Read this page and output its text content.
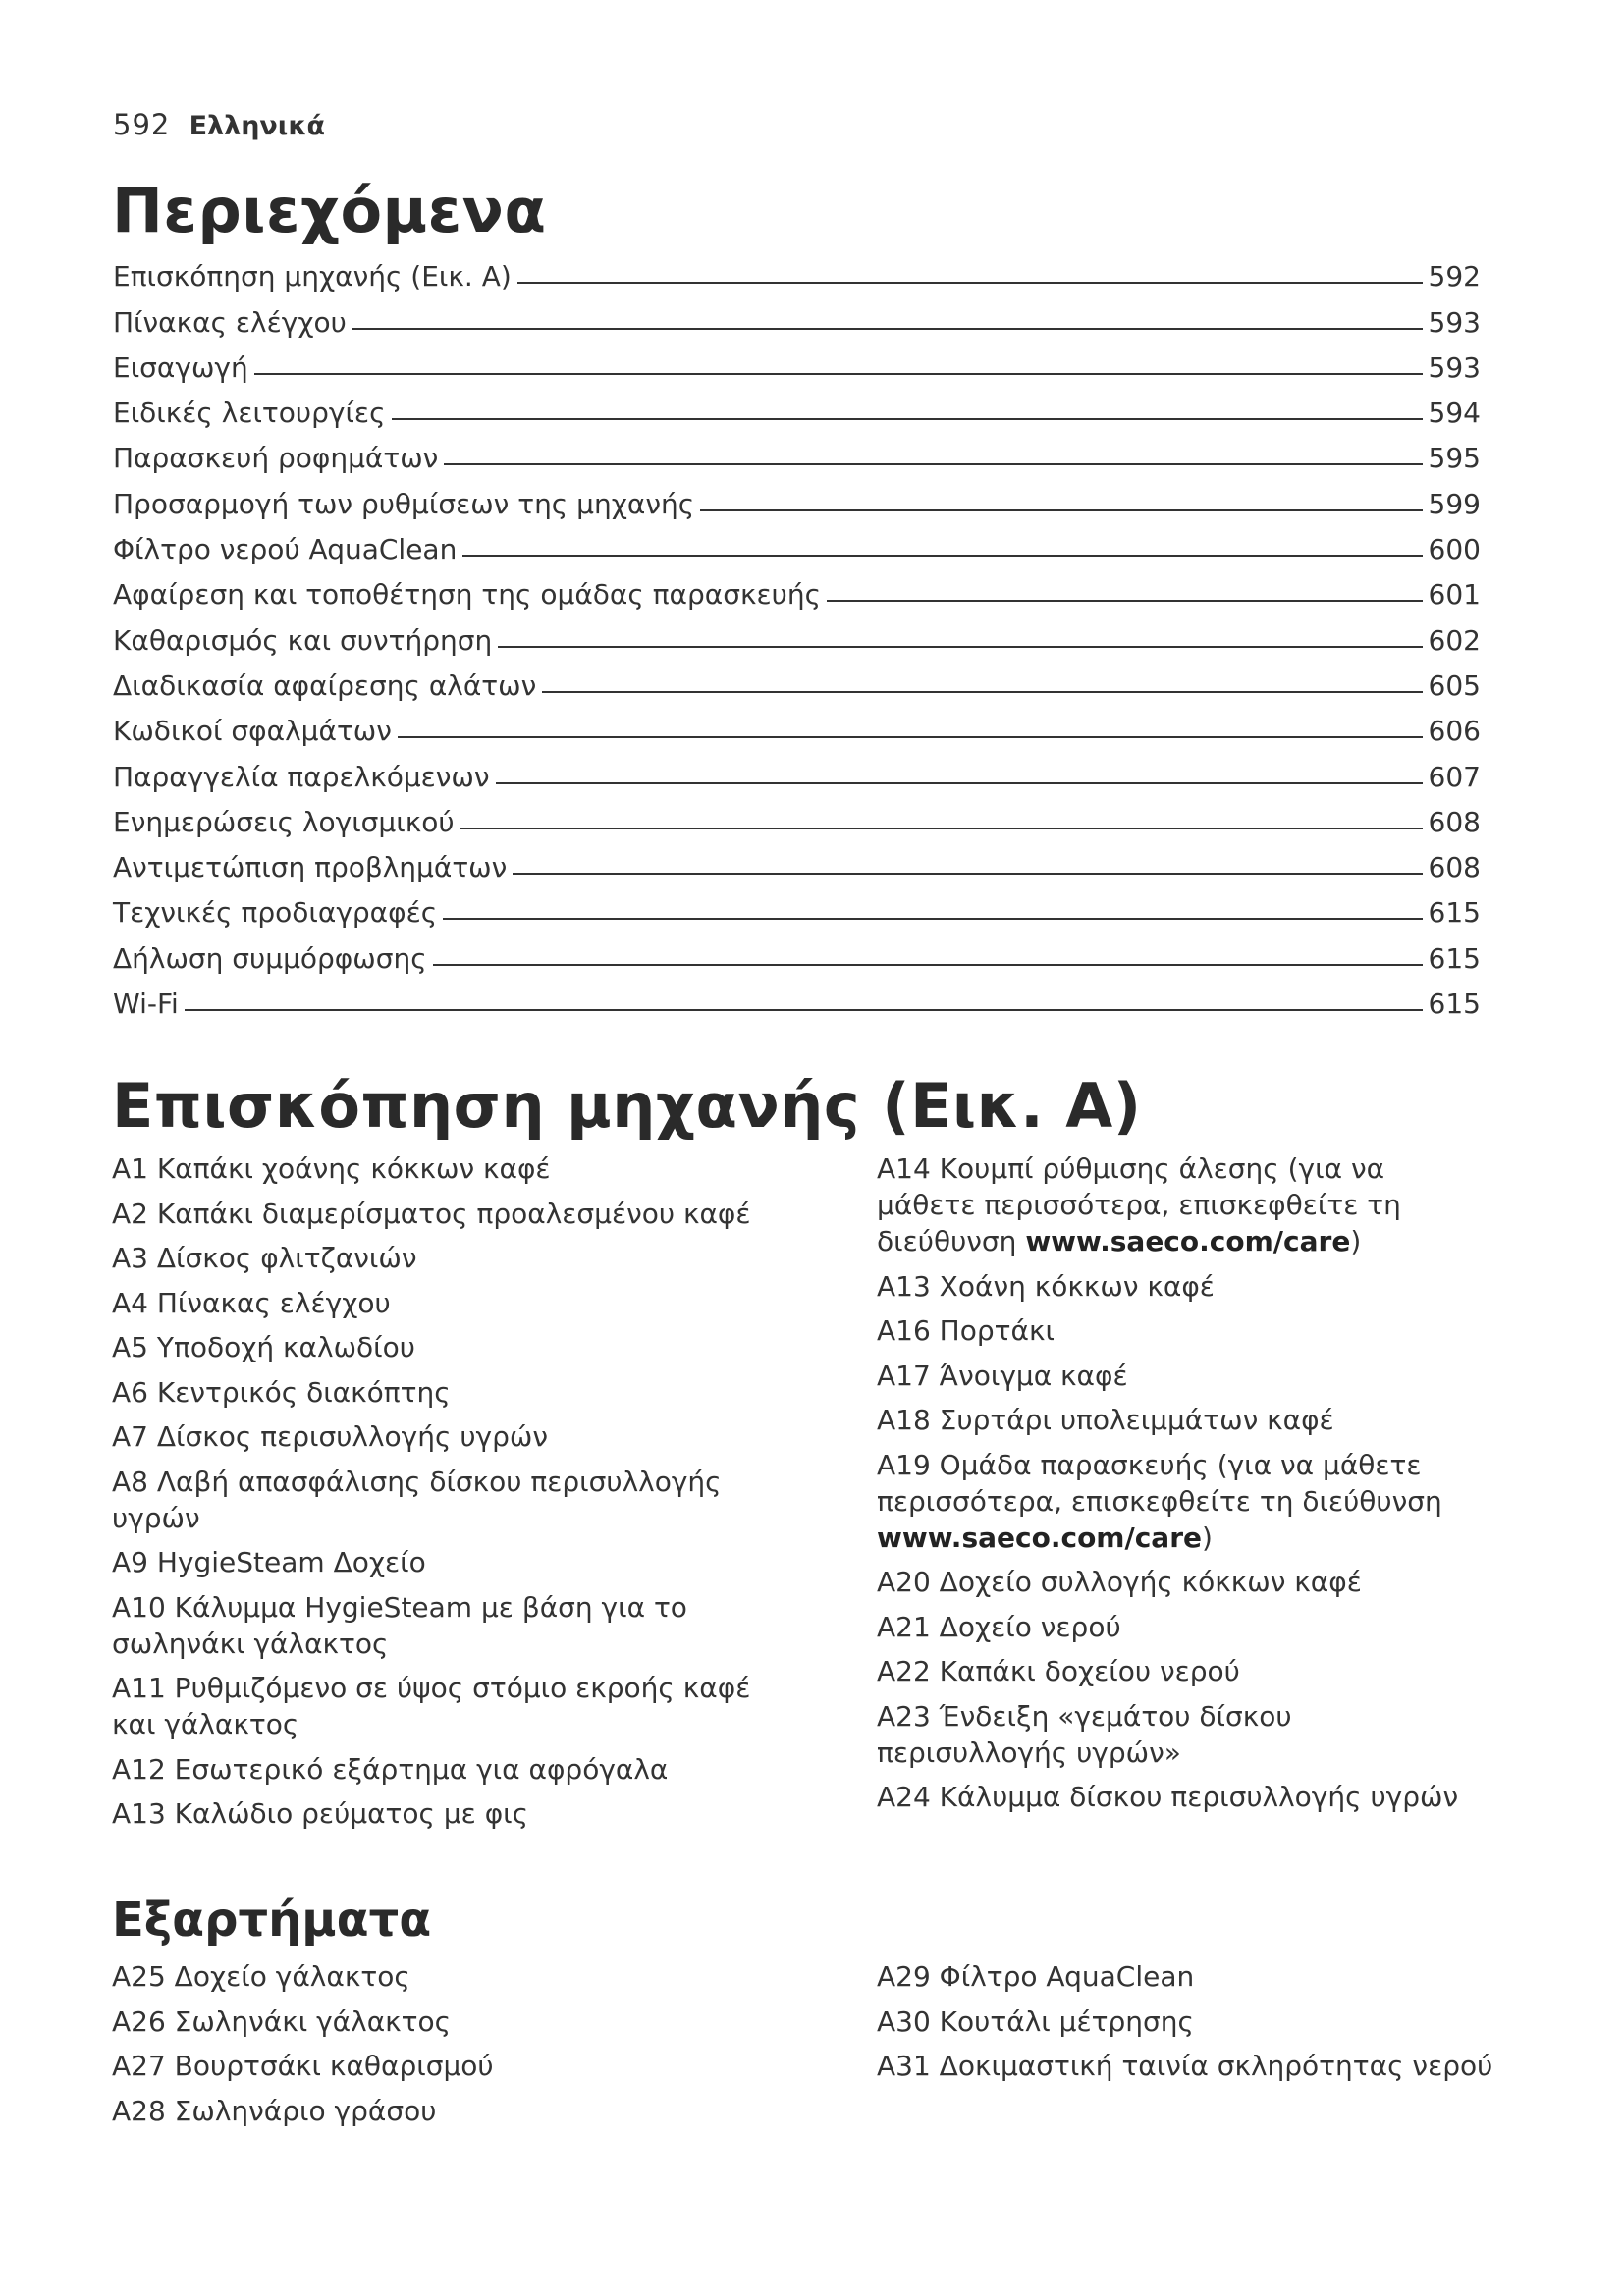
592 Ελληνικά
Περιεχόμενα
Επισκόπηση μηχανής (Εικ. A)	592
Πίνακας ελέγχου	593
Εισαγωγή	593
Ειδικές λειτουργίες	594
Παρασκευή ροφημάτων	595
Προσαρμογή των ρυθμίσεων της μηχανής	599
Φίλτρο νερού AquaClean	600
Αφαίρεση και τοποθέτηση της ομάδας παρασκευής	601
Καθαρισμός και συντήρηση	602
Διαδικασία αφαίρεσης αλάτων	605
Κωδικοί σφαλμάτων	606
Παραγγελία παρελκόμενων	607
Ενημερώσεις λογισμικού	608
Αντιμετώπιση προβλημάτων	608
Τεχνικές προδιαγραφές	615
Δήλωση συμμόρφωσης	615
Wi-Fi	615
Επισκόπηση μηχανής (Εικ. A)
A1 Καπάκι χοάνης κόκκων καφέ
A2 Καπάκι διαμερίσματος προαλεσμένου καφέ
A3 Δίσκος φλιτζανιών
A4 Πίνακας ελέγχου
A5 Υποδοχή καλωδίου
A6 Κεντρικός διακόπτης
A7 Δίσκος περισυλλογής υγρών
A8 Λαβή απασφάλισης δίσκου περισυλλογής υγρών
A9 HygieSteam Δοχείο
A10 Κάλυμμα HygieSteam με βάση για το σωληνάκι γάλακτος
A11 Ρυθμιζόμενο σε ύψος στόμιο εκροής καφέ και γάλακτος
A12 Εσωτερικό εξάρτημα για αφρόγαλα
A13 Καλώδιο ρεύματος με φις
A14 Κουμπί ρύθμισης άλεσης (για να μάθετε περισσότερα, επισκεφθείτε τη διεύθυνση www.saeco.com/care)
A13 Χοάνη κόκκων καφέ
A16 Πορτάκι
A17 Άνοιγμα καφέ
A18 Συρτάρι υπολειμμάτων καφέ
A19 Ομάδα παρασκευής (για να μάθετε περισσότερα, επισκεφθείτε τη διεύθυνση www.saeco.com/care)
A20 Δοχείο συλλογής κόκκων καφέ
A21 Δοχείο νερού
A22 Καπάκι δοχείου νερού
A23 Ένδειξη «γεμάτου δίσκου περισυλλογής υγρών»
A24 Κάλυμμα δίσκου περισυλλογής υγρών
Εξαρτήματα
A25 Δοχείο γάλακτος
A26 Σωληνάκι γάλακτος
A27 Βουρτσάκι καθαρισμού
A28 Σωληνάριο γράσου
A29 Φίλτρο AquaClean
A30 Κουτάλι μέτρησης
A31 Δοκιμαστική ταινία σκληρότητας νερού
